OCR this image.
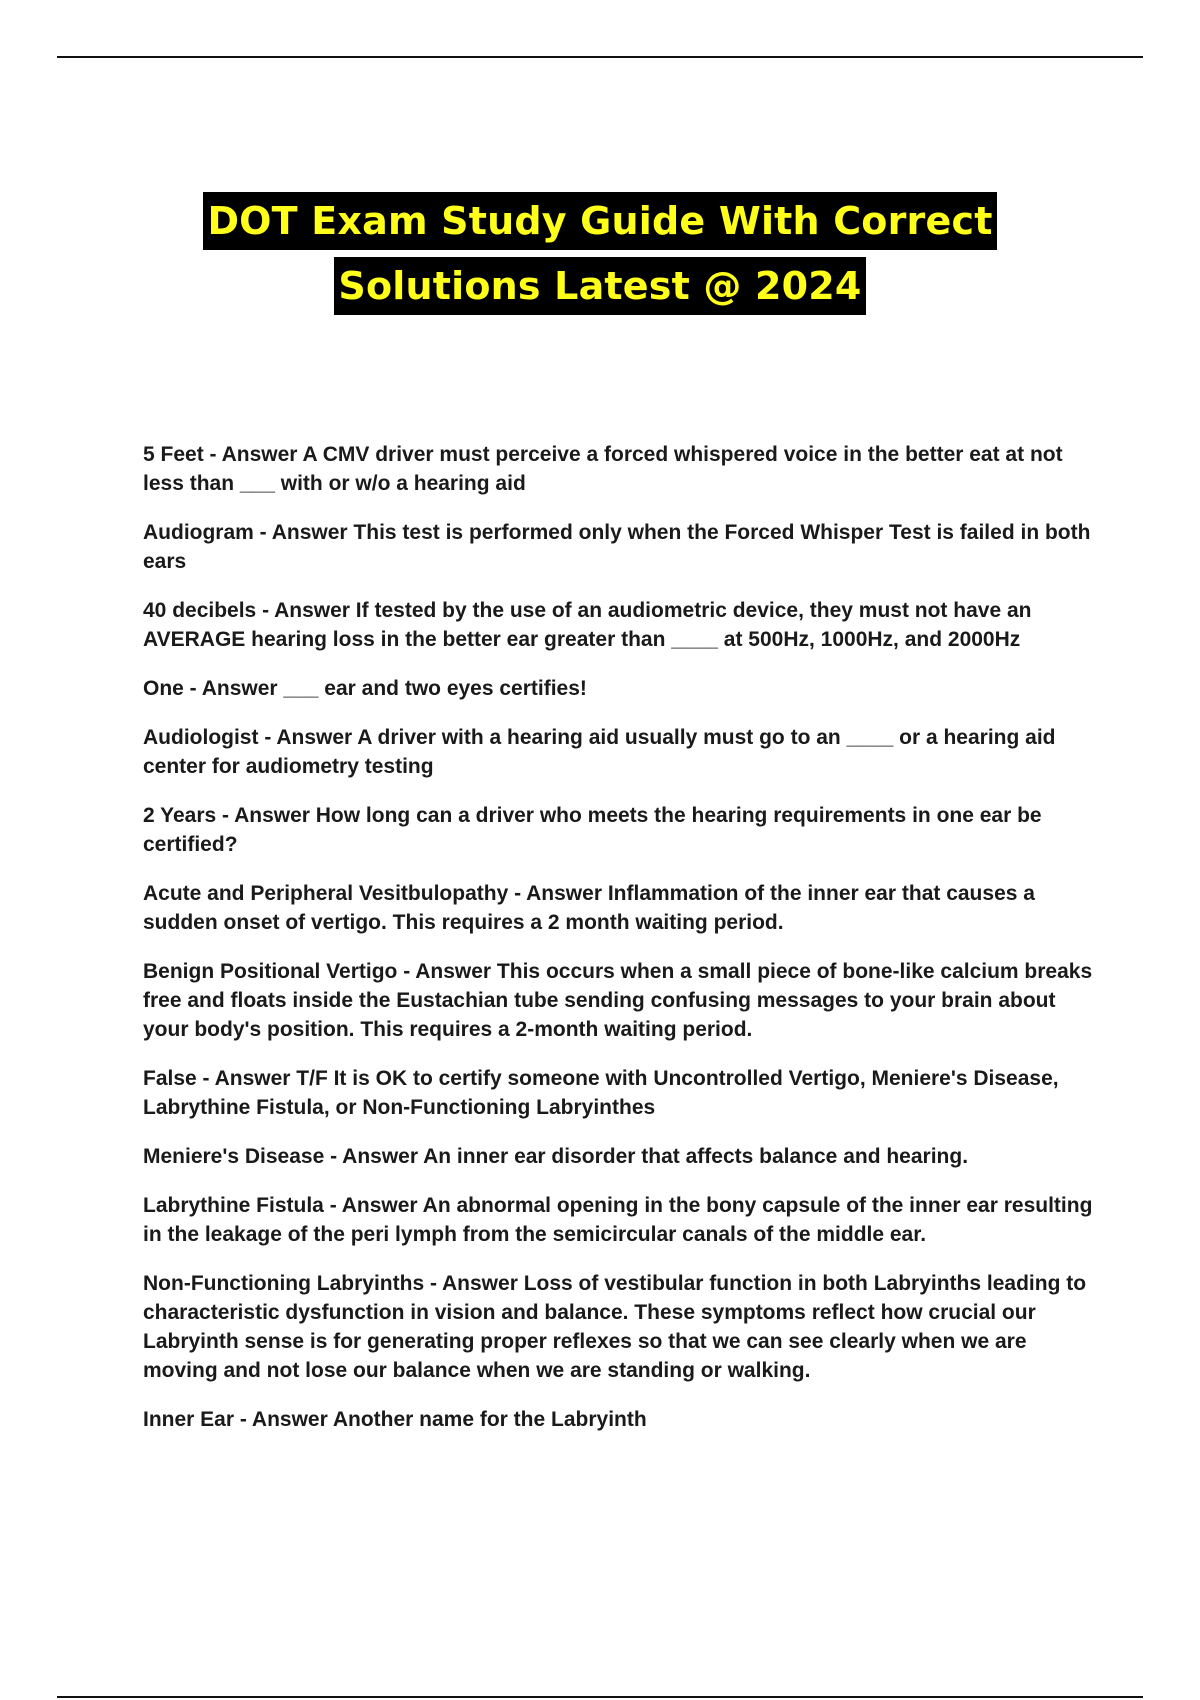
DOT Exam Study Guide With Correct
Solutions Latest @ 2024
5 Feet - Answer A CMV driver must perceive a forced whispered voice in the better eat at not less than ___ with or w/o a hearing aid
Audiogram - Answer This test is performed only when the Forced Whisper Test is failed in both ears
40 decibels - Answer If tested by the use of an audiometric device, they must not have an AVERAGE hearing loss in the better ear greater than ____ at 500Hz, 1000Hz, and 2000Hz
One - Answer ___ ear and two eyes certifies!
Audiologist - Answer A driver with a hearing aid usually must go to an ____ or a hearing aid center for audiometry testing
2 Years - Answer How long can a driver who meets the hearing requirements in one ear be certified?
Acute and Peripheral Vesitbulopathy - Answer Inflammation of the inner ear that causes a sudden onset of vertigo. This requires a 2 month waiting period.
Benign Positional Vertigo - Answer This occurs when a small piece of bone-like calcium breaks free and floats inside the Eustachian tube sending confusing messages to your brain about your body's position. This requires a 2-month waiting period.
False - Answer T/F It is OK to certify someone with Uncontrolled Vertigo, Meniere's Disease, Labrythine Fistula, or Non-Functioning Labryinthes
Meniere's Disease - Answer An inner ear disorder that affects balance and hearing.
Labrythine Fistula - Answer An abnormal opening in the bony capsule of the inner ear resulting in the leakage of the peri lymph from the semicircular canals of the middle ear.
Non-Functioning Labryinths - Answer Loss of vestibular function in both Labryinths leading to characteristic dysfunction in vision and balance. These symptoms reflect how crucial our Labryinth sense is for generating proper reflexes so that we can see clearly when we are moving and not lose our balance when we are standing or walking.
Inner Ear - Answer Another name for the Labryinth
